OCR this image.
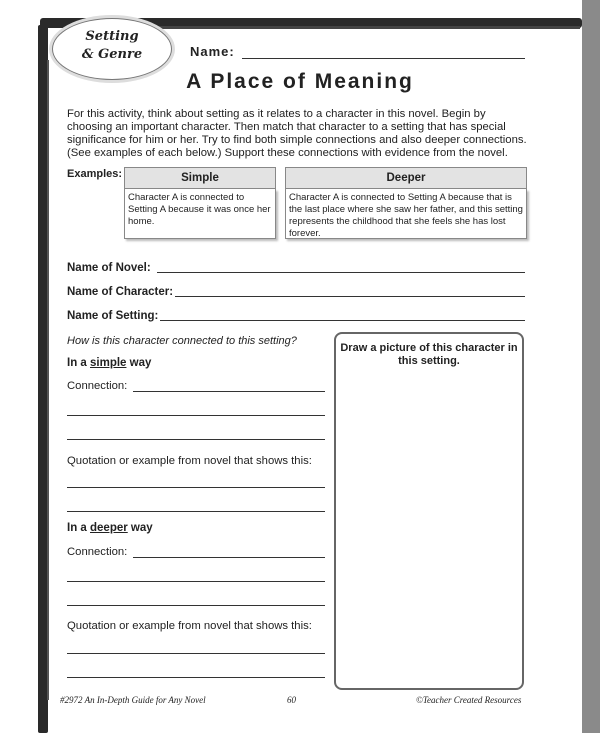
Setting
& Genre	Name:
A Place of Meaning
For this activity, think about setting as it relates to a character in this novel. Begin by choosing an important character. Then match that character to a setting that has special significance for him or her. Try to find both simple connections and also deeper connections. (See examples of each below.) Support these connections with evidence from the novel.
Examples:	Simple
Character A is connected to Setting A because it was once her home.
Deeper
Character A is connected to Setting A because that is the last place where she saw her father, and this setting represents the childhood that she feels she has lost forever.
Name of Novel:
Name of Character:
Name of Setting:
How is this character connected to this setting?
In a simple way
Connection:
Quotation or example from novel that shows this:
In a deeper way
Connection:
Quotation or example from novel that shows this:
Draw a picture of this character in this setting.
#2972 An In-Depth Guide for Any Novel	60	©Teacher Created Resources
